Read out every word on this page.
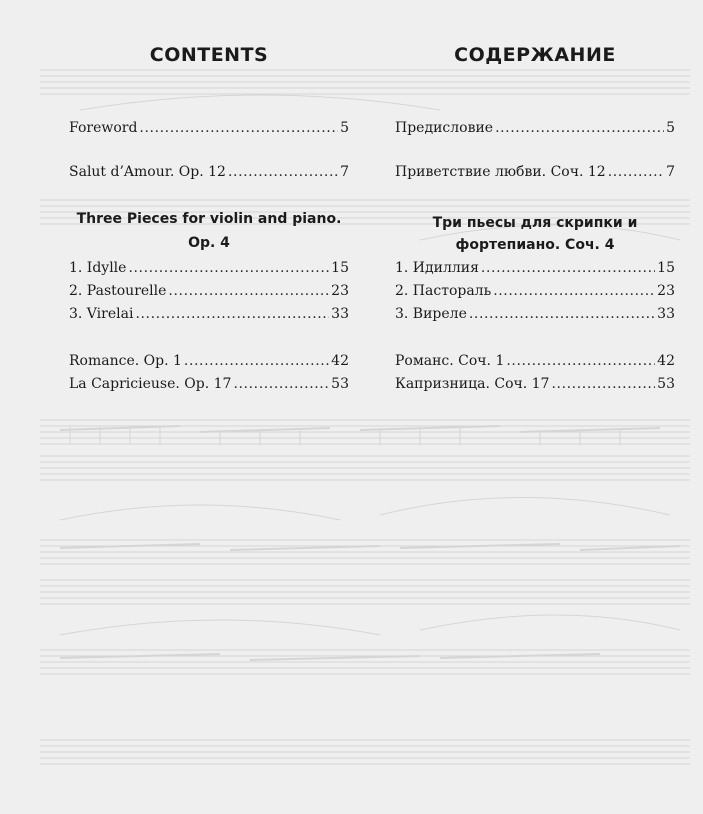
CONTENTS
Foreword .....	5
Salut d’Amour. Op. 12 .....	7
Three Pieces for violin and piano.
Op. 4
1. Idylle .....	15
2. Pastourelle .....	23
3. Virelai .....	33
Romance. Op. 1 .....	42
La Capricieuse. Op. 17 .....	53
СОДЕРЖАНИЕ
Предисловие .....	5
Приветствие любви. Соч. 12 .....	7
Три пьесы для скрипки и
фортепиано. Соч. 4
1. Идиллия .....	15
2. Пастораль .....	23
3. Виреле .....	33
Романс. Соч. 1 .....	42
Капризница. Соч. 17 .....	53
